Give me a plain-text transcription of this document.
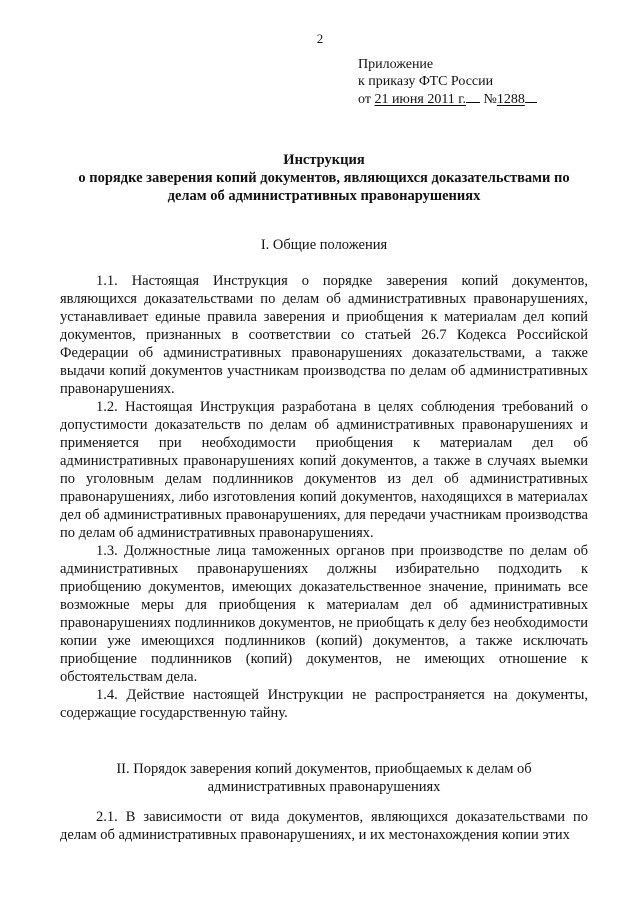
2
Приложение
к приказу ФТС России
от 21 июня 2011 г. №1288
Инструкция
о порядке заверения копий документов, являющихся доказательствами по
делам об административных правонарушениях
I. Общие положения

1.1. Настоящая Инструкция о порядке заверения копий документов, являющихся доказательствами по делам об административных правонарушениях, устанавливает единые правила заверения и приобщения к материалам дел копий документов, признанных в соответствии со статьей 26.7 Кодекса Российской Федерации об административных правонарушениях доказательствами, а также выдачи копий документов участникам производства по делам об административных правонарушениях.

1.2. Настоящая Инструкция разработана в целях соблюдения требований о допустимости доказательств по делам об административных правонарушениях и применяется при необходимости приобщения к материалам дел об административных правонарушениях копий документов, а также в случаях выемки по уголовным делам подлинников документов из дел об административных правонарушениях, либо изготовления копий документов, находящихся в материалах дел об административных правонарушениях, для передачи участникам производства по делам об административных правонарушениях.

1.3. Должностные лица таможенных органов при производстве по делам об административных правонарушениях должны избирательно подходить к приобщению документов, имеющих доказательственное значение, принимать все возможные меры для приобщения к материалам дел об административных правонарушениях подлинников документов, не приобщать к делу без необходимости копии уже имеющихся подлинников (копий) документов, а также исключать приобщение подлинников (копий) документов, не имеющих отношение к обстоятельствам дела.

1.4. Действие настоящей Инструкции не распространяется на документы, содержащие государственную тайну.

II. Порядок заверения копий документов, приобщаемых к делам об
административных правонарушениях

2.1. В зависимости от вида документов, являющихся доказательствами по делам об административных правонарушениях, и их местонахождения копии этих
